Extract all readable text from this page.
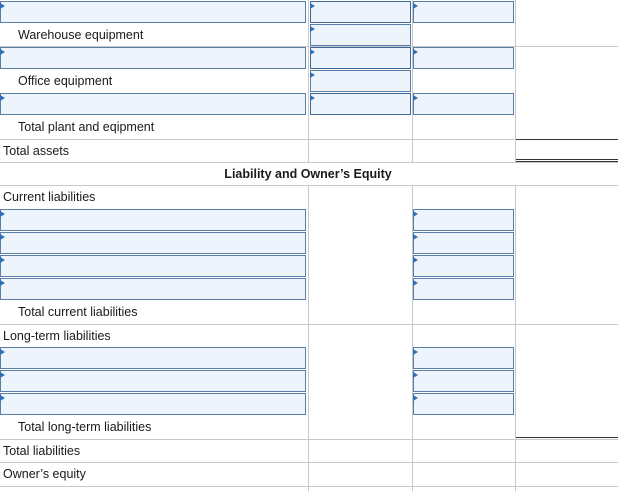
Warehouse equipment
Office equipment
Total plant and eqipment
Total assets
Liability and Owner’s Equity
Current liabilities
Total current liabilities
Long-term liabilities
Total long-term liabilities
Total liabilities
Owner’s equity
